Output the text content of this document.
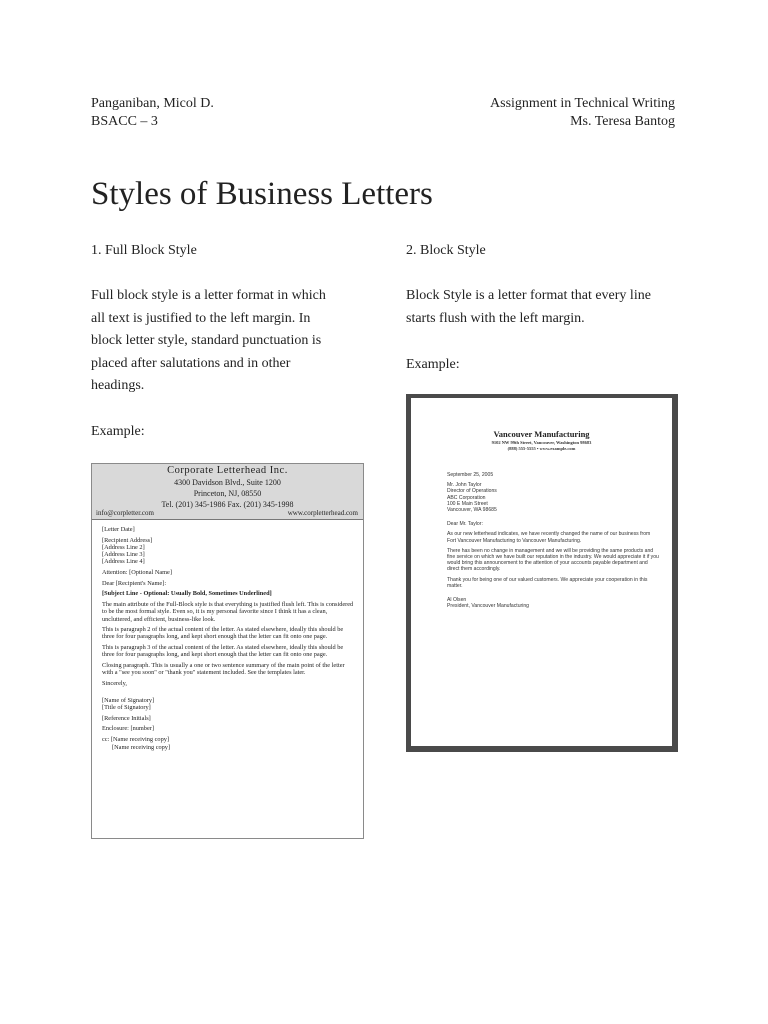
Panganiban, Micol D.
BSACC – 3
Assignment in Technical Writing
Ms. Teresa Bantog
Styles of Business Letters
1. Full Block Style
Full block style is a letter format in which
all text is justified to the left margin. In
block letter style, standard punctuation is
placed after salutations and in other
headings.
Example:
Corporate Letterhead Inc.
4300 Davidson Blvd., Suite 1200
Princeton, NJ, 08550
Tel. (201) 345-1986 Fax. (201) 345-1998
info@corpletter.com	www.corpletterhead.com

[Letter Date]

[Recipient Address]
[Address Line 2]
[Address Line 3]
[Address Line 4]

Attention: [Optional Name]

Dear [Recipient's Name]:

[Subject Line - Optional: Usually Bold, Sometimes Underlined]

The main attribute of the Full-Block style is that everything is justified flush left. This is considered to be the most formal style. Even so, it is my personal favorite since I think it has a clean, uncluttered, and efficient, business-like look.

This is paragraph 2 of the actual content of the letter. As stated elsewhere, ideally this should be three for four paragraphs long, and kept short enough that the letter can fit onto one page.

This is paragraph 3 of the actual content of the letter. As stated elsewhere, ideally this should be three for four paragraphs long, and kept short enough that the letter can fit onto one page.

Closing paragraph. This is usually a one or two sentence summary of the main point of the letter with a "see you soon" or "thank you" statement included. See the templates later.

Sincerely,

[Name of Signatory]
[Title of Signatory]

[Reference Initials]

Enclosure: [number]

cc: [Name receiving copy]

[Name receiving copy]

2. Block Style
Block Style is a letter format that every line
starts flush with the left margin.
Example:
Vancouver Manufacturing
9102 NW 99th Street, Vancouver, Washington 98683
(888) 555-5555 • www.example.com

September 25, 2005

Mr. John Taylor
Director of Operations
ABC Corporation
100 E Main Street
Vancouver, WA 98685

Dear Mr. Taylor:

As our new letterhead indicates, we have recently changed the name of our business from Fort Vancouver Manufacturing to Vancouver Manufacturing.

There has been no change in management and we will be providing the same products and fine service on which we have built our reputation in the industry. We would appreciate it if you would bring this announcement to the attention of your accounts payable department and direct them accordingly.

Thank you for being one of our valued customers. We appreciate your cooperation in this matter.

Al Olsen

President, Vancouver Manufacturing
